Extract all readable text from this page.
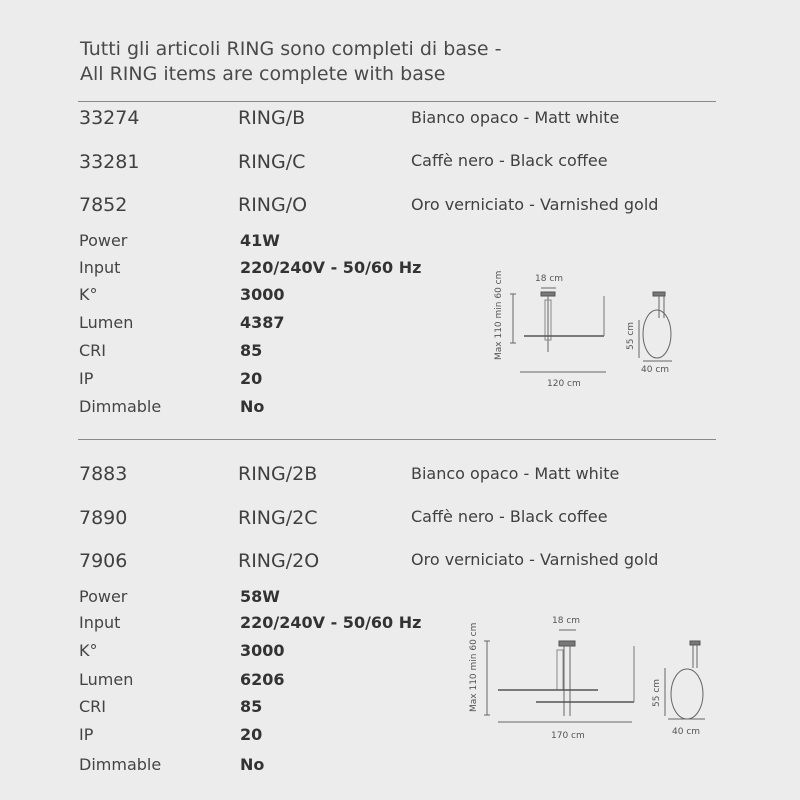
Tutti gli articoli RING sono completi di base -
All RING items are complete with base
33274	RING/B	Bianco opaco - Matt white
33281	RING/C	Caffè nero - Black coffee
7852	RING/O	Oro verniciato - Varnished gold
Power	41W
Input	220/240V - 50/60 Hz
K°	3000
Lumen	4387
CRI	85
IP	20
Dimmable	No
7883	RING/2B	Bianco opaco - Matt white
7890	RING/2C	Caffè nero - Black coffee
7906	RING/2O	Oro verniciato - Varnished gold
Power	58W
Input	220/240V - 50/60 Hz
K°	3000
Lumen	6206
CRI	85
IP	20
Dimmable	No
Max 110 min 60 cm	18 cm
120 cm
55 cm
40 cm
Max 110 min 60 cm
18 cm
170 cm
55 cm
40 cm
